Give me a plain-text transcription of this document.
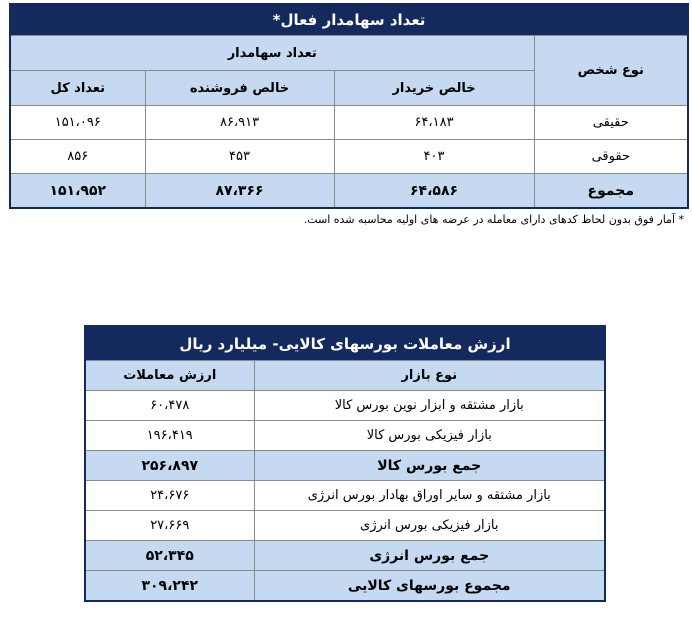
تعداد سهامدار فعال*			
نوع شخص	تعداد سهامدار		
	خالص خریدار	خالص فروشنده	تعداد کل
حقیقی	۶۴،۱۸۳	۸۶،۹۱۳	۱۵۱،۰۹۶
حقوقی	۴۰۳	۴۵۳	۸۵۶
مجموع	۶۴،۵۸۶	۸۷،۳۶۶	۱۵۱،۹۵۲
* آمار فوق بدون لحاظ کدهای دارای معامله در عرضه های اولیه محاسبه شده است.
ارزش معاملات بورسهای کالایی- میلیارد ریال	
نوع بازار	ارزش معاملات
بازار مشتقه و ابزار نوین بورس کالا	۶۰،۴۷۸
بازار فیزیکی بورس کالا	۱۹۶،۴۱۹
جمع بورس کالا	۲۵۶،۸۹۷
بازار مشتقه و سایر اوراق بهادار بورس انرژی	۲۴،۶۷۶
بازار فیزیکی بورس انرژی	۲۷،۶۶۹
جمع بورس انرژی	۵۲،۳۴۵
مجموع بورسهای کالایی	۳۰۹،۲۴۲
